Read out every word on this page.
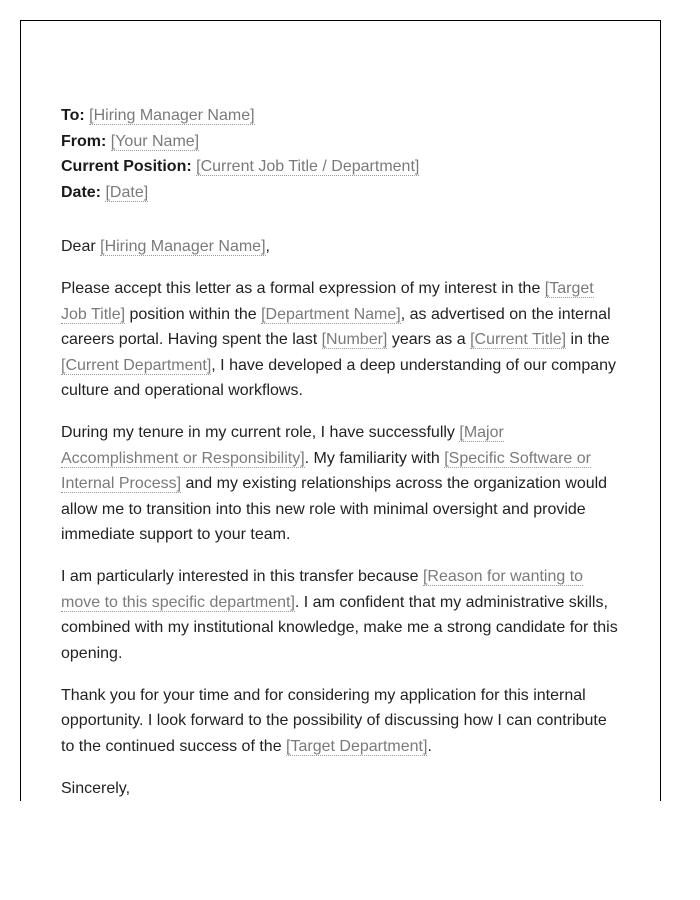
To: [Hiring Manager Name]
From: [Your Name]
Current Position: [Current Job Title / Department]
Date: [Date]

Dear [Hiring Manager Name],

Please accept this letter as a formal expression of my interest in the [Target Job Title] position within the [Department Name], as advertised on the internal careers portal. Having spent the last [Number] years as a [Current Title] in the [Current Department], I have developed a deep understanding of our company culture and operational workflows.

During my tenure in my current role, I have successfully [Major Accomplishment or Responsibility]. My familiarity with [Specific Software or Internal Process] and my existing relationships across the organization would allow me to transition into this new role with minimal oversight and provide immediate support to your team.

I am particularly interested in this transfer because [Reason for wanting to move to this specific department]. I am confident that my administrative skills, combined with my institutional knowledge, make me a strong candidate for this opening.

Thank you for your time and for considering my application for this internal opportunity. I look forward to the possibility of discussing how I can contribute to the continued success of the [Target Department].

Sincerely,
